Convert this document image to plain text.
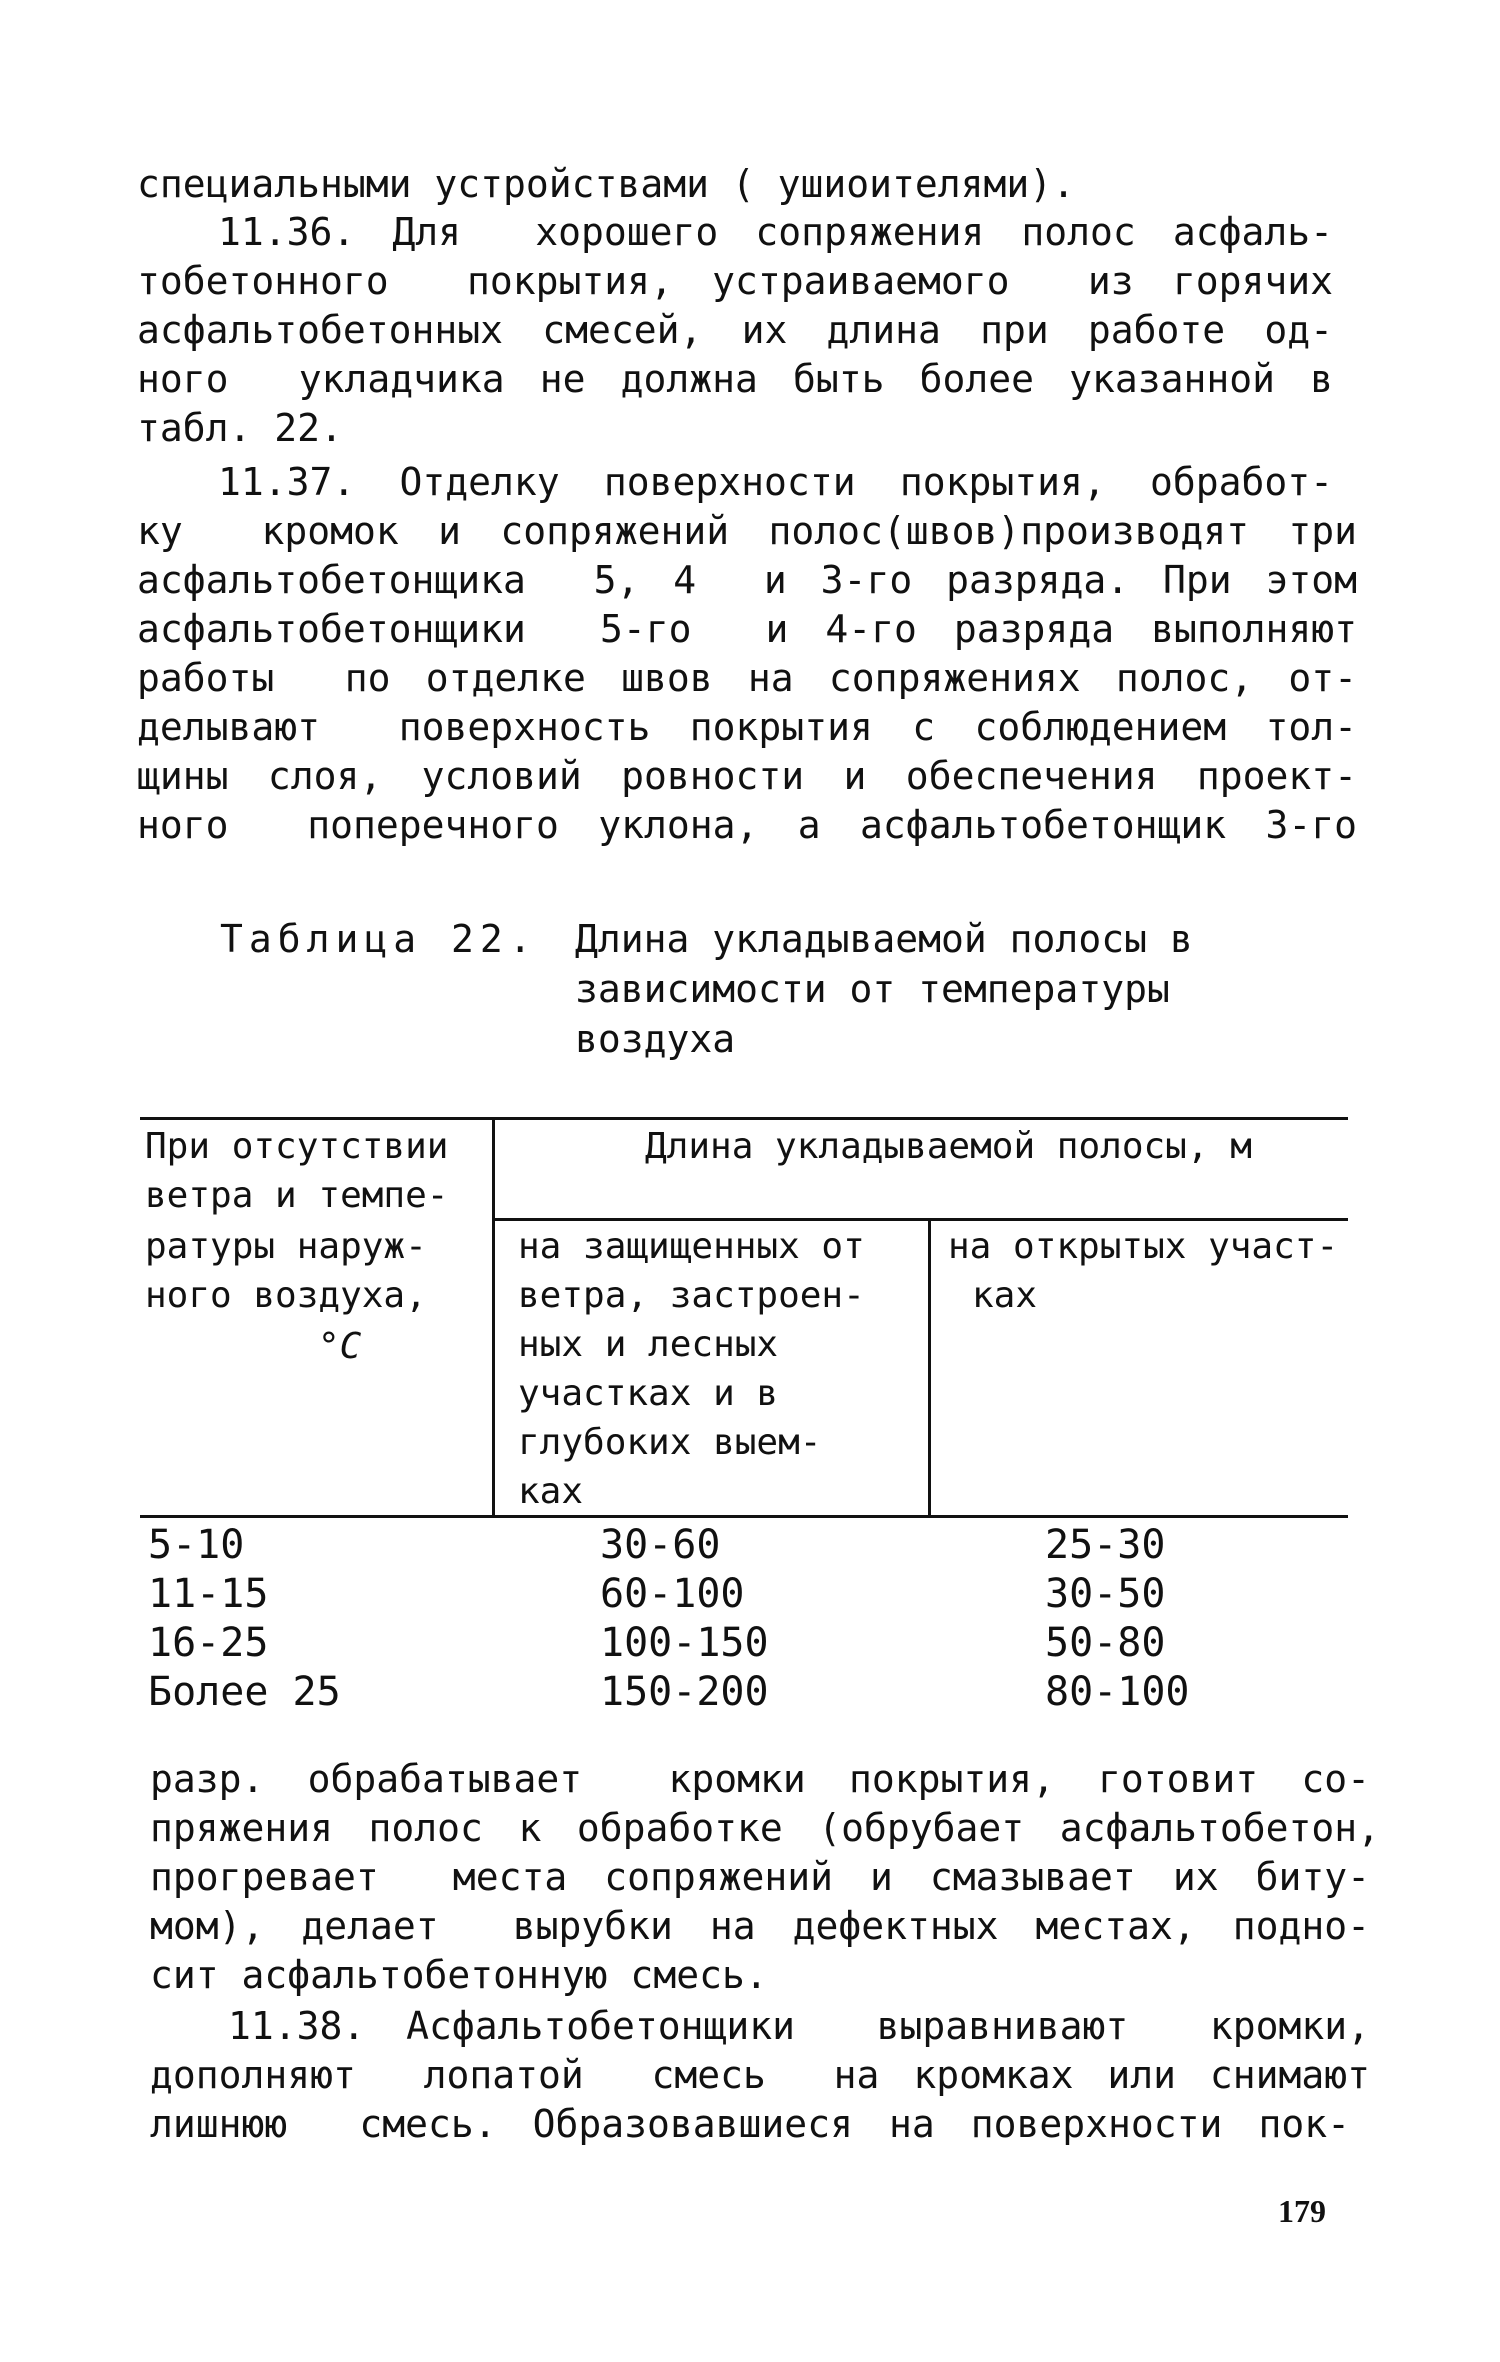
специальными устройствами ( ушиоителями).
11.36. Для  хорошего сопряжения полос асфаль-
тобетонного  покрытия, устраиваемого  из горячих
асфальтобетонных смесей, их длина при работе од-
ного  укладчика не должна быть более указанной в
табл. 22.
11.37. Отделку поверхности покрытия, обработ-
ку  кромок и сопряжений полос(швов)производят три
асфальтобетонщика  5, 4  и 3-го разряда. При этом
асфальтобетонщики  5-го  и 4-го разряда выполняют
работы  по отделке швов на сопряжениях полос, от-
делывают  поверхность покрытия с соблюдением тол-
щины слоя, условий ровности и обеспечения проект-
ного  поперечного уклона, а асфальтобетонщик 3-го
Таблица 22. Длина укладываемой полосы в
зависимости от температуры
воздуха
При отсутствии
ветра и темпе-
ратуры наруж-
ного воздуха,
°С
Длина укладываемой полосы, м
на защищенных от
ветра, застроен-
ных и лесных
участках и в
глубоких выем-
ках
на открытых участ-
ках
5-10	30-60	25-30
11-15	60-100	30-50
16-25	100-150	50-80
Более 25	150-200	80-100
разр. обрабатывает  кромки покрытия, готовит со-
пряжения полос к обработке (обрубает асфальтобетон,
прогревает  места сопряжений и смазывает их биту-
мом), делает  вырубки на дефектных местах, подно-
сит асфальтобетонную смесь.
11.38. Асфальтобетонщики  выравнивают  кромки,
дополняют  лопатой  смесь  на кромках или снимают
лишнюю  смесь. Образовавшиеся на поверхности пок-
179
